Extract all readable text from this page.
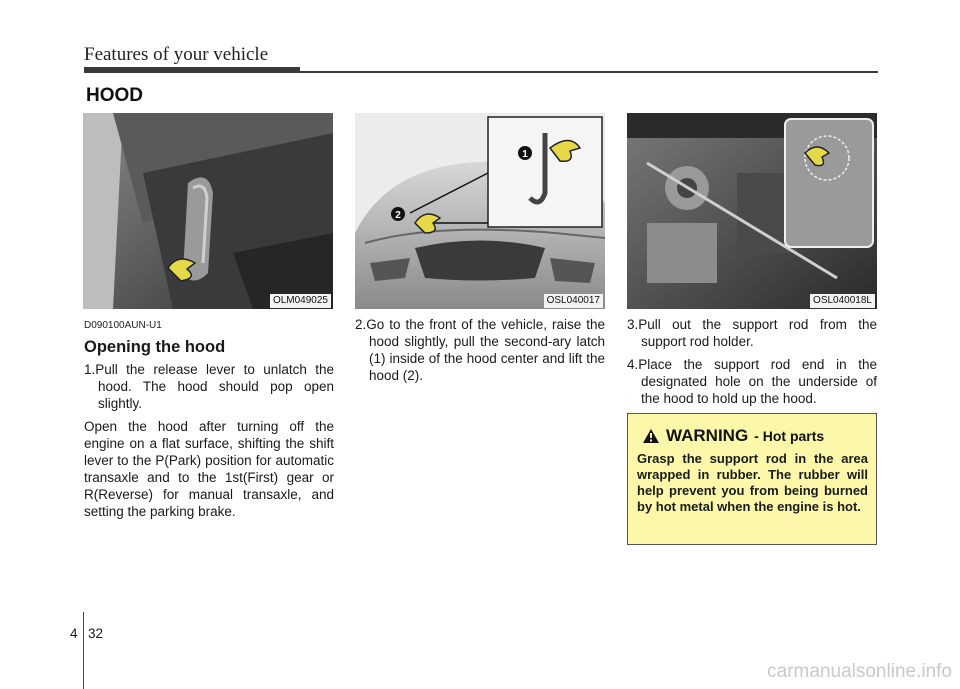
Features of your vehicle
HOOD
OLM049025
1
2
OSL040017	OSL040018L

D090100AUN-U1

Opening the hood

1.Pull the release lever to unlatch the hood. The hood should pop open slightly.

Open the hood after turning off the engine on a flat surface, shifting the shift lever to the P(Park) position for automatic transaxle and to the 1st(First) gear or R(Reverse) for manual transaxle, and setting the parking brake.

2.Go to the front of the vehicle, raise the hood slightly, pull the second-ary latch (1) inside of the hood center and lift the hood (2).

3.Pull out the support rod from the support rod holder.

4.Place the support rod end in the designated hole on the underside of the hood to hold up the hood.

WARNING - Hot parts

Grasp the support rod in the area wrapped in rubber. The rubber will help prevent you from being burned by hot metal when the engine is hot.

4 32
carmanualsonline.info
